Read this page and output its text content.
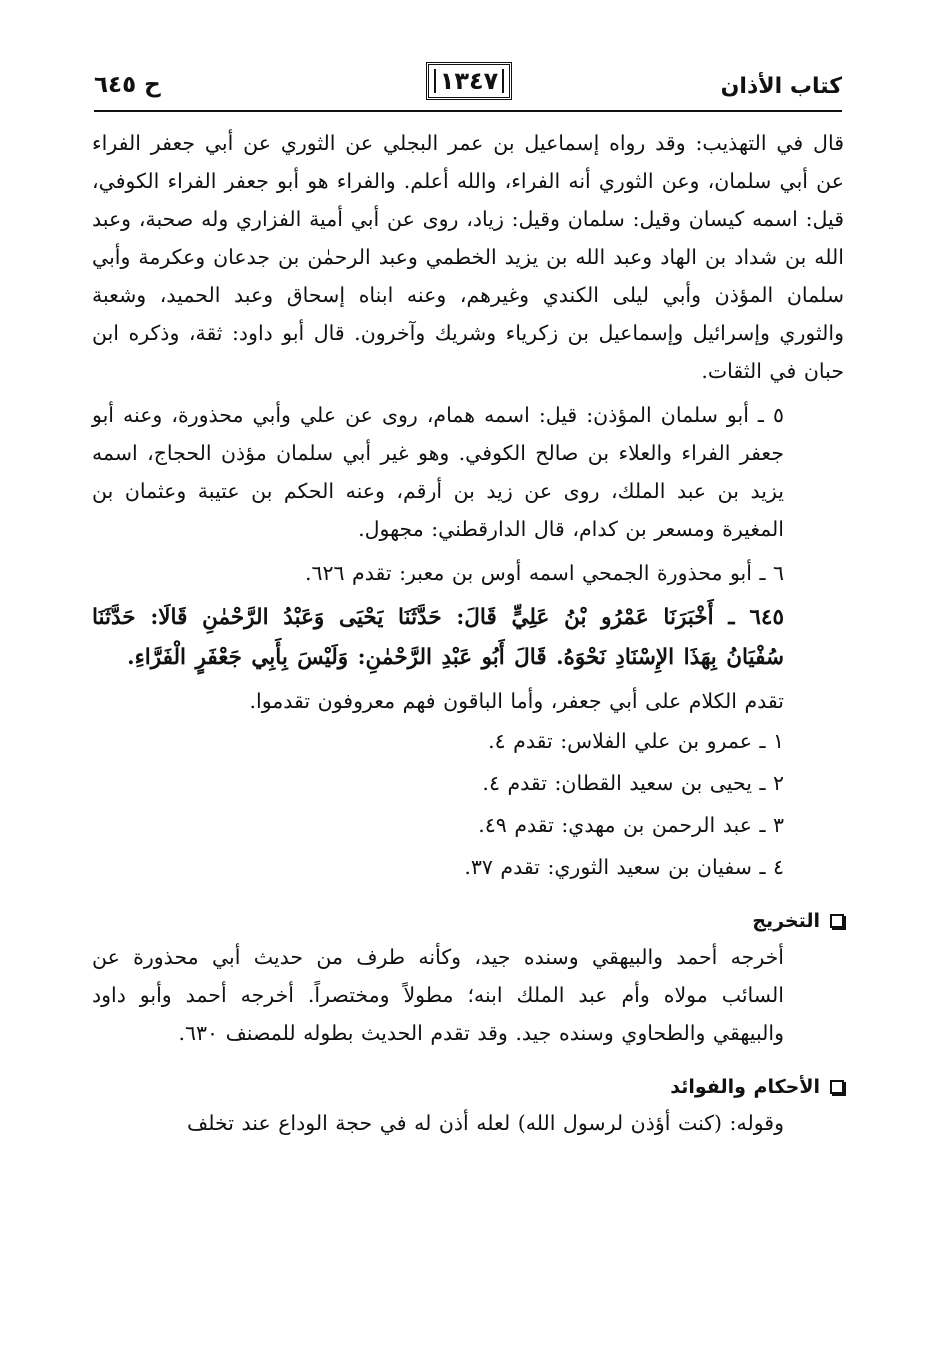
كتاب الأذان
١٣٤٧
ح ٦٤٥

قال في التهذيب: وقد رواه إسماعيل بن عمر البجلي عن الثوري عن أبي جعفر الفراء عن أبي سلمان، وعن الثوري أنه الفراء، والله أعلم. والفراء هو أبو جعفر الفراء الكوفي، قيل: اسمه كيسان وقيل: سلمان وقيل: زياد، روى عن أبي أمية الفزاري وله صحبة، وعبد الله بن شداد بن الهاد وعبد الله بن يزيد الخطمي وعبد الرحمٰن بن جدعان وعكرمة وأبي سلمان المؤذن وأبي ليلى الكندي وغيرهم، وعنه ابناه إسحاق وعبد الحميد، وشعبة والثوري وإسرائيل وإسماعيل بن زكرياء وشريك وآخرون. قال أبو داود: ثقة، وذكره ابن حبان في الثقات.

٥ ـ أبو سلمان المؤذن: قيل: اسمه همام، روى عن علي وأبي محذورة، وعنه أبو جعفر الفراء والعلاء بن صالح الكوفي. وهو غير أبي سلمان مؤذن الحجاج، اسمه يزيد بن عبد الملك، روى عن زيد بن أرقم، وعنه الحكم بن عتيبة وعثمان بن المغيرة ومسعر بن كدام، قال الدارقطني: مجهول.

٦ ـ أبو محذورة الجمحي اسمه أوس بن معبر: تقدم ٦٢٦.

٦٤٥ ـ أَخْبَرَنَا عَمْرُو بْنُ عَلِيٍّ قَالَ: حَدَّثَنَا يَحْيَى وَعَبْدُ الرَّحْمٰنِ قَالَا: حَدَّثَنَا سُفْيَانُ بِهَذَا الإِسْنَادِ نَحْوَهُ. قَالَ أَبُو عَبْدِ الرَّحْمٰنِ: وَلَيْسَ بِأَبِي جَعْفَرٍ الْفَرَّاءِ.

تقدم الكلام على أبي جعفر، وأما الباقون فهم معروفون تقدموا.

١ ـ عمرو بن علي الفلاس: تقدم ٤.
٢ ـ يحيى بن سعيد القطان: تقدم ٤.
٣ ـ عبد الرحمن بن مهدي: تقدم ٤٩.
٤ ـ سفيان بن سعيد الثوري: تقدم ٣٧.
التخريج

أخرجه أحمد والبيهقي وسنده جيد، وكأنه طرف من حديث أبي محذورة عن السائب مولاه وأم عبد الملك ابنه؛ مطولاً ومختصراً. أخرجه أحمد وأبو داود والبيهقي والطحاوي وسنده جيد. وقد تقدم الحديث بطوله للمصنف ٦٣٠.

الأحكام والفوائد

وقوله: (كنت أؤذن لرسول الله) لعله أذن له في حجة الوداع عند تخلف
